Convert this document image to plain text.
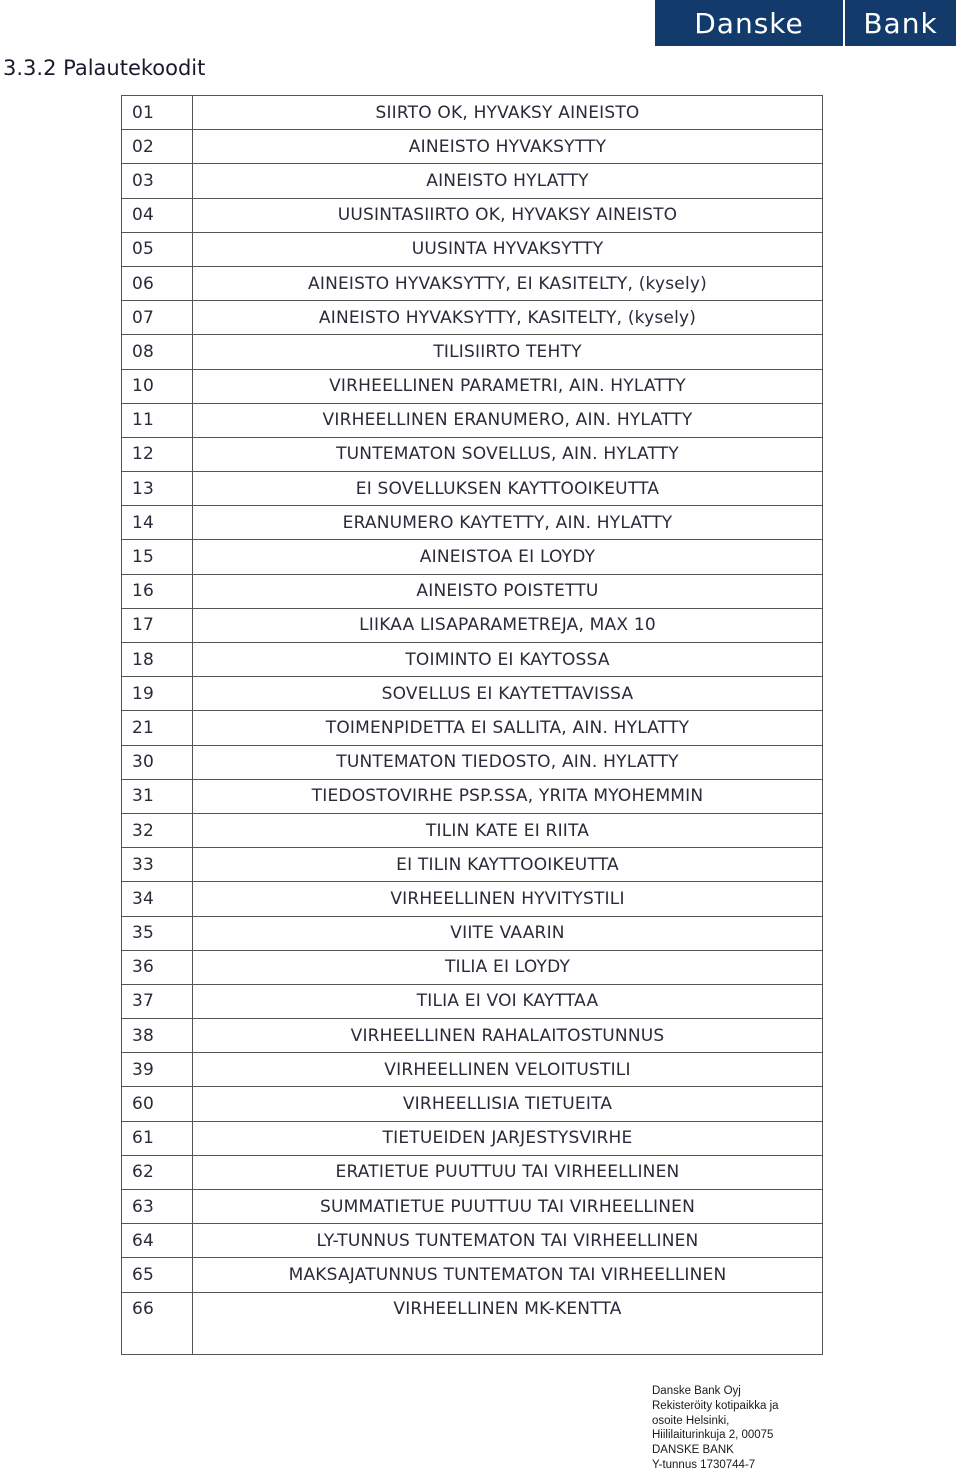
Danske	Bank
3.3.2 Palautekoodit
01	SIIRTO OK, HYVAKSY AINEISTO
02	AINEISTO HYVAKSYTTY
03	AINEISTO HYLATTY
04	UUSINTASIIRTO OK, HYVAKSY AINEISTO
05	UUSINTA HYVAKSYTTY
06	AINEISTO HYVAKSYTTY, EI KASITELTY, (kysely)
07	AINEISTO HYVAKSYTTY, KASITELTY, (kysely)
08	TILISIIRTO TEHTY
10	VIRHEELLINEN PARAMETRI, AIN. HYLATTY
11	VIRHEELLINEN ERANUMERO, AIN. HYLATTY
12	TUNTEMATON SOVELLUS, AIN. HYLATTY
13	EI SOVELLUKSEN KAYTTOOIKEUTTA
14	ERANUMERO KAYTETTY, AIN. HYLATTY
15	AINEISTOA EI LOYDY
16	AINEISTO POISTETTU
17	LIIKAA LISAPARAMETREJA, MAX 10
18	TOIMINTO EI KAYTOSSA
19	SOVELLUS EI KAYTETTAVISSA
21	TOIMENPIDETTA EI SALLITA, AIN. HYLATTY
30	TUNTEMATON TIEDOSTO, AIN. HYLATTY
31	TIEDOSTOVIRHE PSP.SSA, YRITA MYOHEMMIN
32	TILIN KATE EI RIITA
33	EI TILIN KAYTTOOIKEUTTA
34	VIRHEELLINEN HYVITYSTILI
35	VIITE VAARIN
36	TILIA EI LOYDY
37	TILIA EI VOI KAYTTAA
38	VIRHEELLINEN RAHALAITOSTUNNUS
39	VIRHEELLINEN VELOITUSTILI
60	VIRHEELLISIA TIETUEITA
61	TIETUEIDEN JARJESTYSVIRHE
62	ERATIETUE PUUTTUU TAI VIRHEELLINEN
63	SUMMATIETUE PUUTTUU TAI VIRHEELLINEN
64	LY-TUNNUS TUNTEMATON TAI VIRHEELLINEN
65	MAKSAJATUNNUS TUNTEMATON TAI VIRHEELLINEN
66	VIRHEELLINEN MK-KENTTA
Danske Bank Oyj
Rekisteröity kotipaikka ja
osoite Helsinki,
Hiililaiturinkuja 2, 00075
DANSKE BANK
Y-tunnus 1730744-7
